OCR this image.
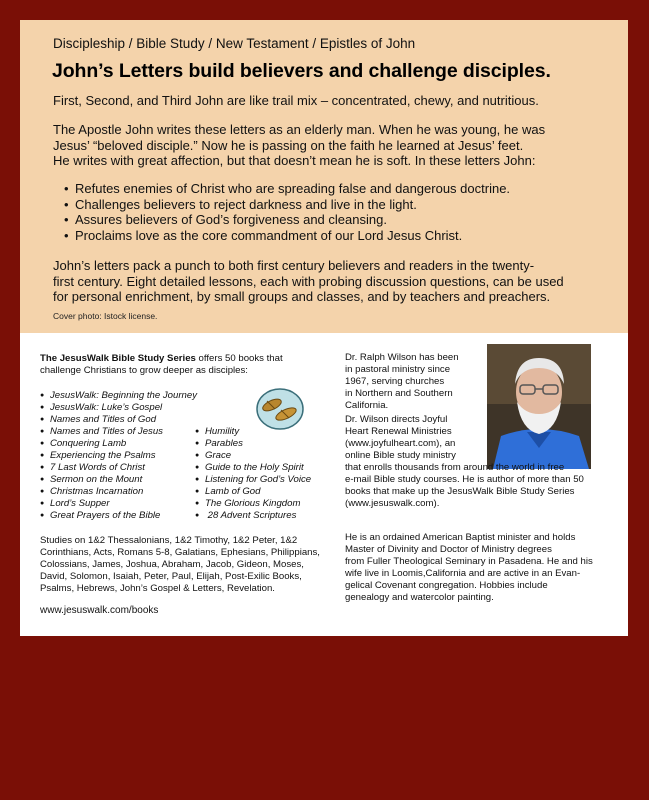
Discipleship / Bible Study / New Testament / Epistles of John
John’s Letters build believers and challenge disciples.
First, Second, and Third John are like trail mix – concentrated, chewy, and nutritious.
The Apostle John writes these letters as an elderly man. When he was young, he was
Jesus’ “beloved disciple.” Now he is passing on the faith he learned at Jesus’ feet.
He writes with great affection, but that doesn’t mean he is soft. In these letters John:
• Refutes enemies of Christ who are spreading false and dangerous doctrine.
• Challenges believers to reject darkness and live in the light.
• Assures believers of God’s forgiveness and cleansing.
• Proclaims love as the core commandment of our Lord Jesus Christ.
John’s letters pack a punch to both first century believers and readers in the twenty-
first century. Eight detailed lessons, each with probing discussion questions, can be used
for personal enrichment, by small groups and classes, and by teachers and preachers.
Cover photo: Istock license.
The JesusWalk Bible Study Series offers 50 books that
challenge Christians to grow deeper as disciples:
● JesusWalk: Beginning the Journey
● JesusWalk: Luke’s Gospel
● Names and Titles of God
● Names and Titles of Jesus
● Conquering Lamb
● Experiencing the Psalms
● 7 Last Words of Christ
● Sermon on the Mount
● Christmas Incarnation
● Lord’s Supper
● Great Prayers of the Bible
● Humility
● Parables
● Grace
● Guide to the Holy Spirit
● Listening for God’s Voice
● Lamb of God
● The Glorious Kingdom
● 28 Advent Scriptures
Studies on 1&2 Thessalonians, 1&2 Timothy, 1&2 Peter, 1&2
Corinthians, Acts, Romans 5-8, Galatians, Ephesians, Philippians,
Colossians, James, Joshua, Abraham, Jacob, Gideon, Moses,
David, Solomon, Isaiah, Peter, Paul, Elijah, Post-Exilic Books,
Psalms, Hebrews, John’s Gospel & Letters, Revelation.
www.jesuswalk.com/books
Dr. Ralph Wilson has been
in pastoral ministry since
1967, serving churches
in Northern and Southern
California.
Dr. Wilson directs Joyful
Heart Renewal Ministries
(www.joyfulheart.com), an
online Bible study ministry
that enrolls thousands from around the world in free
e-mail Bible study courses. He is author of more than 50
books that make up the JesusWalk Bible Study Series
(www.jesuswalk.com).
He is an ordained American Baptist minister and holds
Master of Divinity and Doctor of Ministry degrees
from Fuller Theological Seminary in Pasadena. He and his
wife live in Loomis,California and are active in an Evan-
gelical Covenant congregation. Hobbies include
genealogy and watercolor painting.
